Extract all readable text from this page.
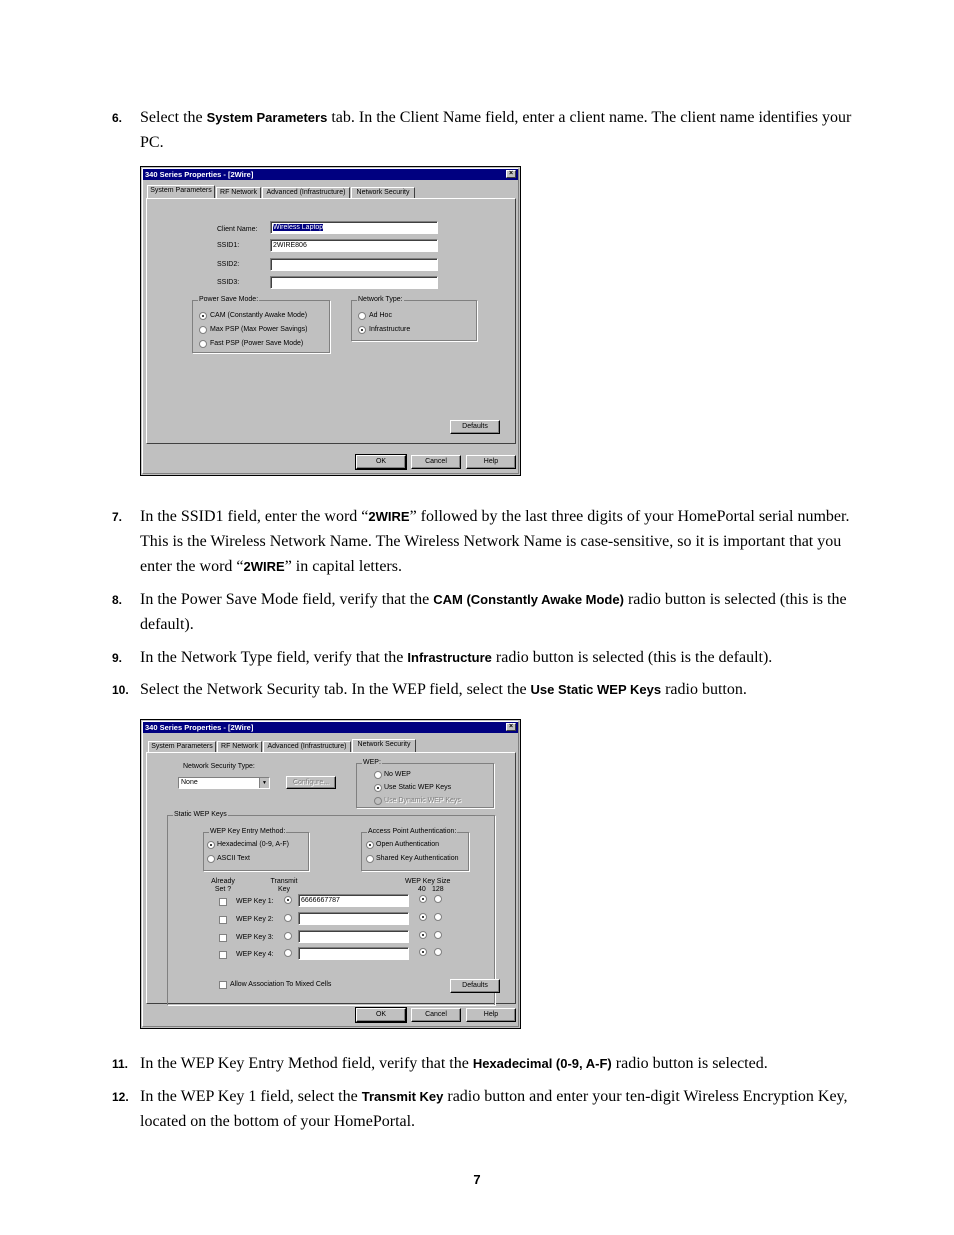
6. Select the System Parameters tab. In the Client Name field, enter a client name. The client name identifies your PC.
340 Series Properties - [2Wire]	×
System Parameters	RF Network	Advanced (Infrastructure)	Network Security
Client Name:	Wireless Laptop
SSID1:	2WIRE806
SSID2:
SSID3:
Power Save Mode:
CAM (Constantly Awake Mode)
Max PSP (Max Power Savings)
Fast PSP (Power Save Mode)
Network Type:
Ad Hoc
Infrastructure
Defaults
OK	Cancel	Help
7. In the SSID1 field, enter the word “2WIRE” followed by the last three digits of your HomePortal serial number. This is the Wireless Network Name. The Wireless Network Name is case-sensitive, so it is important that you enter the word “2WIRE” in capital letters.
8. In the Power Save Mode field, verify that the CAM (Constantly Awake Mode) radio button is selected (this is the default).
9. In the Network Type field, verify that the Infrastructure radio button is selected (this is the default).
10. Select the Network Security tab. In the WEP field, select the Use Static WEP Keys radio button.
340 Series Properties - [2Wire]	×
System Parameters	RF Network	Advanced (Infrastructure)	Network Security
Network Security Type:
None	▼	Configure...
WEP:
No WEP
Use Static WEP Keys
Use Dynamic WEP Keys
Static WEP Keys
WEP Key Entry Method:
Hexadecimal (0-9, A-F)
ASCII Text
Access Point Authentication:
Open Authentication
Shared Key Authentication
Already Set ?
Transmit Key
WEP Key Size
40 128
WEP Key 1:	6666667787
WEP Key 2:
WEP Key 3:
WEP Key 4:
Allow Association To Mixed Cells	Defaults
OK	Cancel	Help
11. In the WEP Key Entry Method field, verify that the Hexadecimal (0-9, A-F) radio button is selected.
12. In the WEP Key 1 field, select the Transmit Key radio button and enter your ten-digit Wireless Encryption Key, located on the bottom of your HomePortal.
7
